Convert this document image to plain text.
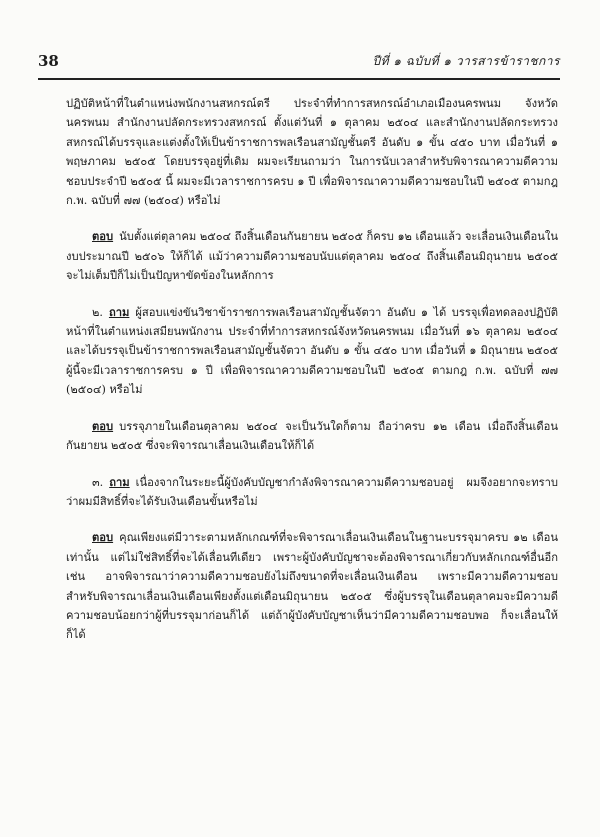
38	ปีที่ ๑ ฉบับที่ ๑ วารสารข้าราชการ

ปฏิบัติหน้าที่ในตำแหน่งพนักงานสหกรณ์ตรี ประจำที่ทำการสหกรณ์อำเภอเมืองนครพนม จังหวัดนครพนม สำนักงานปลัดกระทรวงสหกรณ์ ตั้งแต่วันที่ ๑ ตุลาคม ๒๕๐๔ และสำนักงานปลัดกระทรวงสหกรณ์ได้บรรจุและแต่งตั้งให้เป็นข้าราชการพลเรือนสามัญชั้นตรี อันดับ ๑ ขั้น ๔๕๐ บาท เมื่อวันที่ ๑ พฤษภาคม ๒๕๐๕ โดยบรรจุอยู่ที่เดิม ผมจะเรียนถามว่า ในการนับเวลาสำหรับพิจารณาความดีความชอบประจำปี ๒๕๐๕ นี้ ผมจะมีเวลาราชการครบ ๑ ปี เพื่อพิจารณาความดีความชอบในปี ๒๕๐๕ ตามกฎ ก.พ. ฉบับที่ ๗๗ (๒๕๐๔) หรือไม่

ตอบ นับตั้งแต่ตุลาคม ๒๕๐๔ ถึงสิ้นเดือนกันยายน ๒๕๐๕ ก็ครบ ๑๒ เดือนแล้ว จะเลื่อนเงินเดือนในงบประมาณปี ๒๕๐๖ ให้ก็ได้ แม้ว่าความดีความชอบนับแต่ตุลาคม ๒๕๐๔ ถึงสิ้นเดือนมิถุนายน ๒๕๐๕ จะไม่เต็มปีก็ไม่เป็นปัญหาขัดข้องในหลักการ

๒. ถาม ผู้สอบแข่งขันวิชาข้าราชการพลเรือนสามัญชั้นจัตวา อันดับ ๑ ได้ บรรจุเพื่อทดลองปฏิบัติหน้าที่ในตำแหน่งเสมียนพนักงาน ประจำที่ทำการสหกรณ์จังหวัดนครพนม เมื่อวันที่ ๑๖ ตุลาคม ๒๕๐๔ และได้บรรจุเป็นข้าราชการพลเรือนสามัญชั้นจัตวา อันดับ ๑ ขั้น ๔๕๐ บาท เมื่อวันที่ ๑ มิถุนายน ๒๕๐๕ ผู้นี้จะมีเวลาราชการครบ ๑ ปี เพื่อพิจารณาความดีความชอบในปี ๒๕๐๕ ตามกฎ ก.พ. ฉบับที่ ๗๗ (๒๕๐๔) หรือไม่

ตอบ บรรจุภายในเดือนตุลาคม ๒๕๐๔ จะเป็นวันใดก็ตาม ถือว่าครบ ๑๒ เดือน เมื่อถึงสิ้นเดือนกันยายน ๒๕๐๕ ซึ่งจะพิจารณาเลื่อนเงินเดือนให้ก็ได้

๓. ถาม เนื่องจากในระยะนี้ผู้บังคับบัญชากำลังพิจารณาความดีความชอบอยู่ ผมจึงอยากจะทราบว่าผมมีสิทธิ์ที่จะได้รับเงินเดือนขั้นหรือไม่

ตอบ คุณเพียงแต่มีวาระตามหลักเกณฑ์ที่จะพิจารณาเลื่อนเงินเดือนในฐานะบรรจุมาครบ ๑๒ เดือนเท่านั้น แต่ไม่ใช่สิทธิ์ที่จะได้เลื่อนทีเดียว เพราะผู้บังคับบัญชาจะต้องพิจารณาเกี่ยวกับหลักเกณฑ์อื่นอีก เช่น อาจพิจารณาว่าความดีความชอบยังไม่ถึงขนาดที่จะเลื่อนเงินเดือน เพราะมีความดีความชอบสำหรับพิจารณาเลื่อนเงินเดือนเพียงตั้งแต่เดือนมิถุนายน ๒๕๐๕ ซึ่งผู้บรรจุในเดือนตุลาคมจะมีความดีความชอบน้อยกว่าผู้ที่บรรจุมาก่อนก็ได้ แต่ถ้าผู้บังคับบัญชาเห็นว่ามีความดีความชอบพอ ก็จะเลื่อนให้ก็ได้
